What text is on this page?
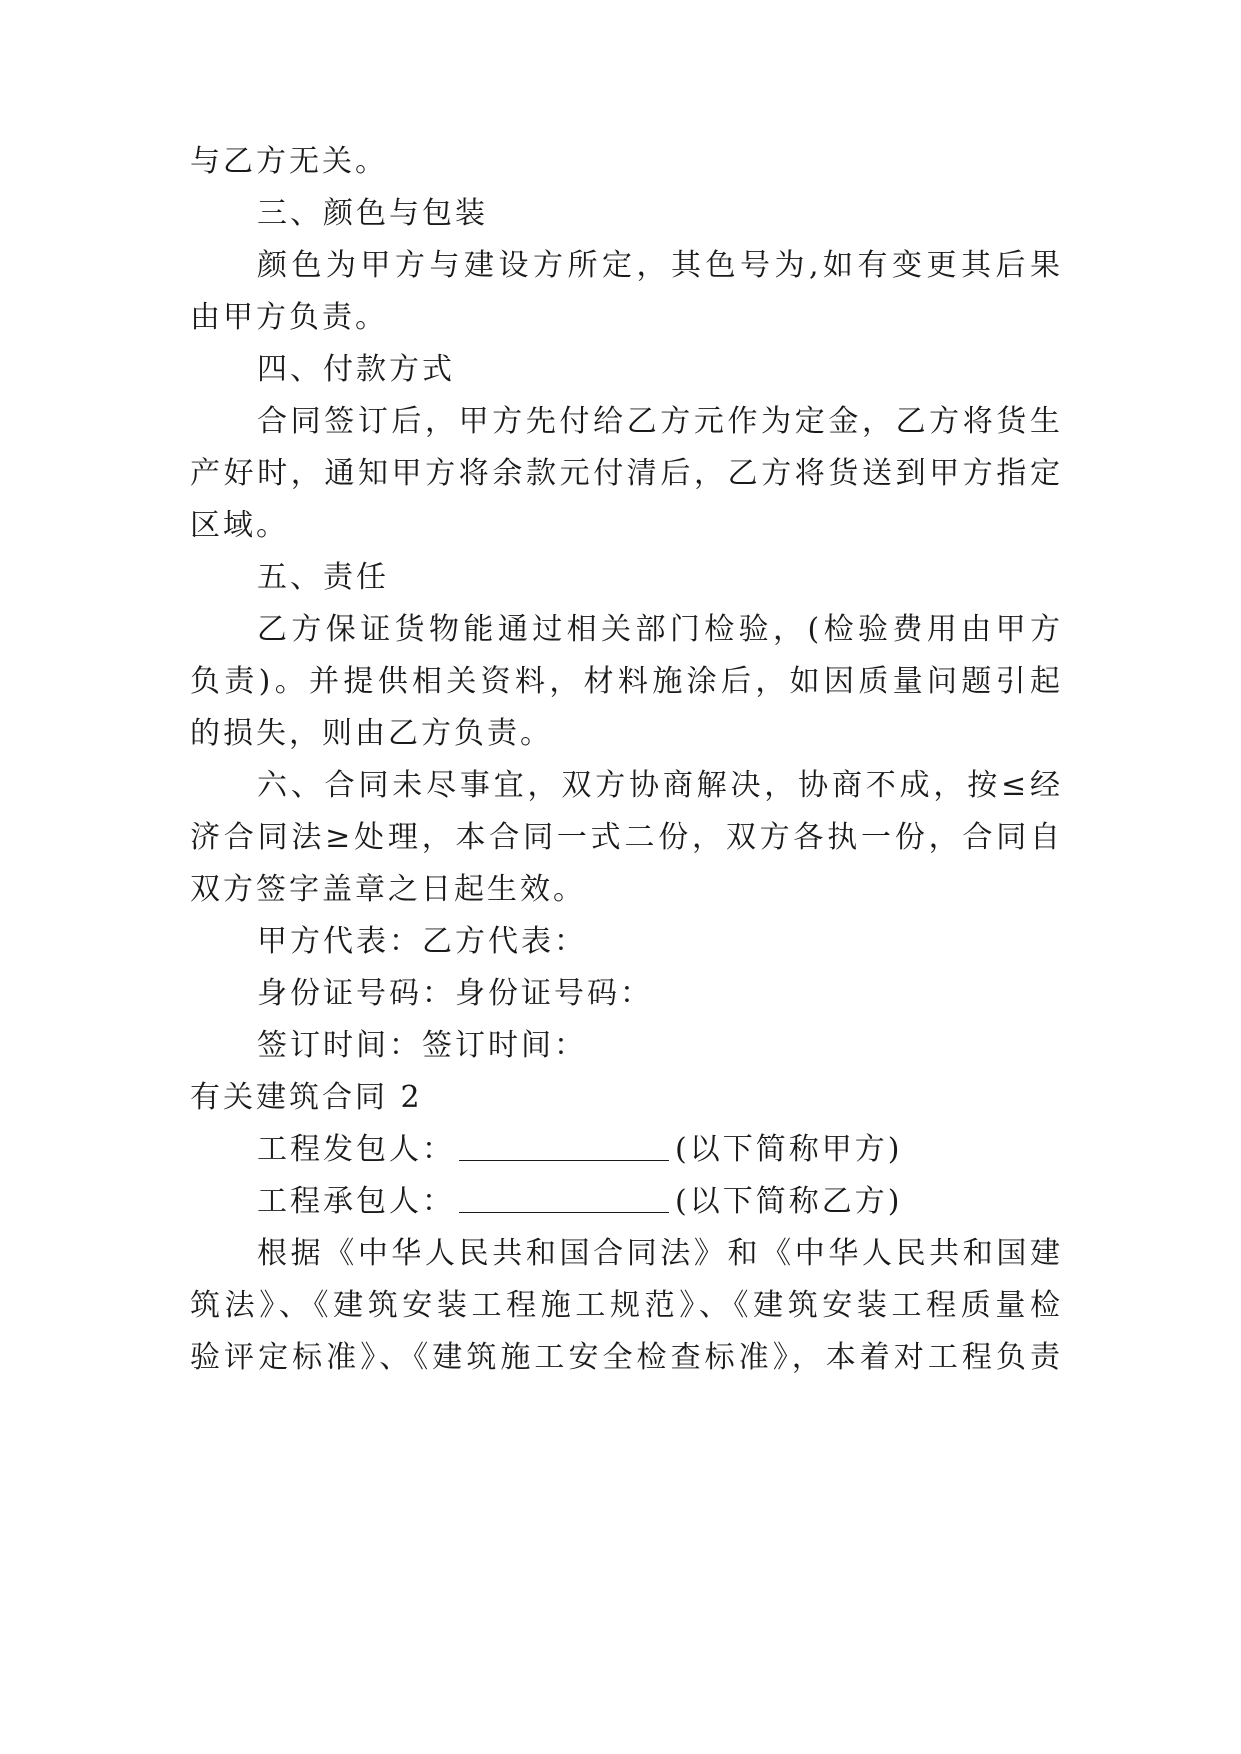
与乙方无关。
三、颜色与包装
颜色为甲方与建设方所定，其色号为,如有变更其后果
由甲方负责。
四、付款方式
合同签订后，甲方先付给乙方元作为定金，乙方将货生
产好时，通知甲方将余款元付清后，乙方将货送到甲方指定
区域。
五、责任
乙方保证货物能通过相关部门检验，(检验费用由甲方
负责)。并提供相关资料，材料施涂后，如因质量问题引起
的损失，则由乙方负责。
六、合同未尽事宜，双方协商解决，协商不成，按≤经
济合同法≥处理，本合同一式二份，双方各执一份，合同自
双方签字盖章之日起生效。
甲方代表：乙方代表：
身份证号码：身份证号码：
签订时间：签订时间：
有关建筑合同 2
工程发包人：	(以下简称甲方)
工程承包人：	(以下简称乙方)
根据《中华人民共和国合同法》和《中华人民共和国建
筑法》、《建筑安装工程施工规范》、《建筑安装工程质量检
验评定标准》、《建筑施工安全检查标准》，本着对工程负责
